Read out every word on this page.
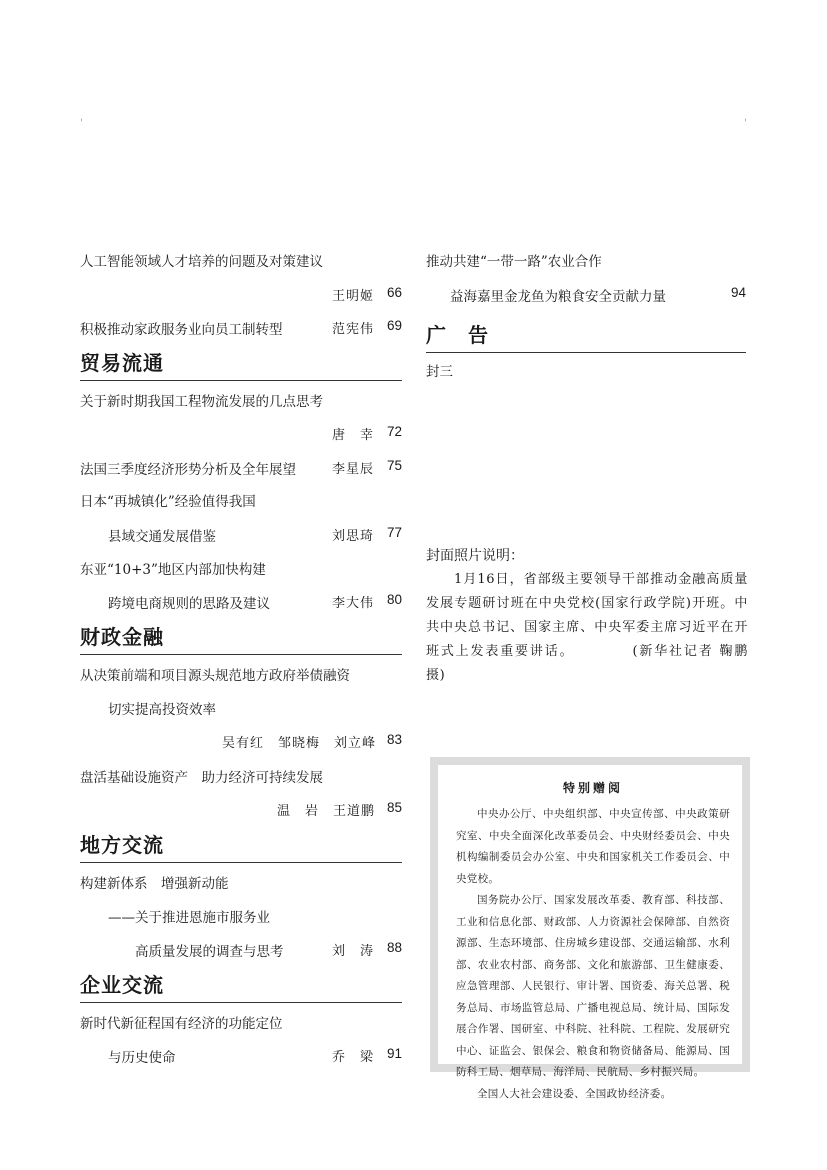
'	'
人工智能领域人才培养的问题及对策建议
王明姬 66
积极推动家政服务业向员工制转型	范宪伟 69
贸易流通
关于新时期我国工程物流发展的几点思考
唐　幸 72
法国三季度经济形势分析及全年展望	李星辰 75
日本“再城镇化”经验值得我国
县域交通发展借鉴	刘思琦 77
东亚“10+3”地区内部加快构建
跨境电商规则的思路及建议	李大伟 80
财政金融
从决策前端和项目源头规范地方政府举债融资
切实提高投资效率
吴有红　邹晓梅　刘立峰 83
盘活基础设施资产　助力经济可持续发展
温　岩　王道鹏 85
地方交流
构建新体系　增强新动能
——关于推进恩施市服务业
高质量发展的调查与思考	刘　涛 88
企业交流
新时代新征程国有经济的功能定位
与历史使命	乔　梁 91
推动共建“一带一路”农业合作
益海嘉里金龙鱼为粮食安全贡献力量	94
广　告
封三
封面照片说明：
1月16日，省部级主要领导干部推动金融高质量发展专题研讨班在中央党校(国家行政学院)开班。中共中央总书记、国家主席、中央军委主席习近平在开班式上发表重要讲话。	(新华社记者 鞠鹏 摄)
特别赠阅

中央办公厅、中央组织部、中央宣传部、中央政策研究室、中央全面深化改革委员会、中央财经委员会、中央机构编制委员会办公室、中央和国家机关工作委员会、中央党校。

国务院办公厅、国家发展改革委、教育部、科技部、工业和信息化部、财政部、人力资源社会保障部、自然资源部、生态环境部、住房城乡建设部、交通运输部、水利部、农业农村部、商务部、文化和旅游部、卫生健康委、应急管理部、人民银行、审计署、国资委、海关总署、税务总局、市场监管总局、广播电视总局、统计局、国际发展合作署、国研室、中科院、社科院、工程院、发展研究中心、证监会、银保会、粮食和物资储备局、能源局、国防科工局、烟草局、海洋局、民航局、乡村振兴局。

全国人大社会建设委、全国政协经济委。
